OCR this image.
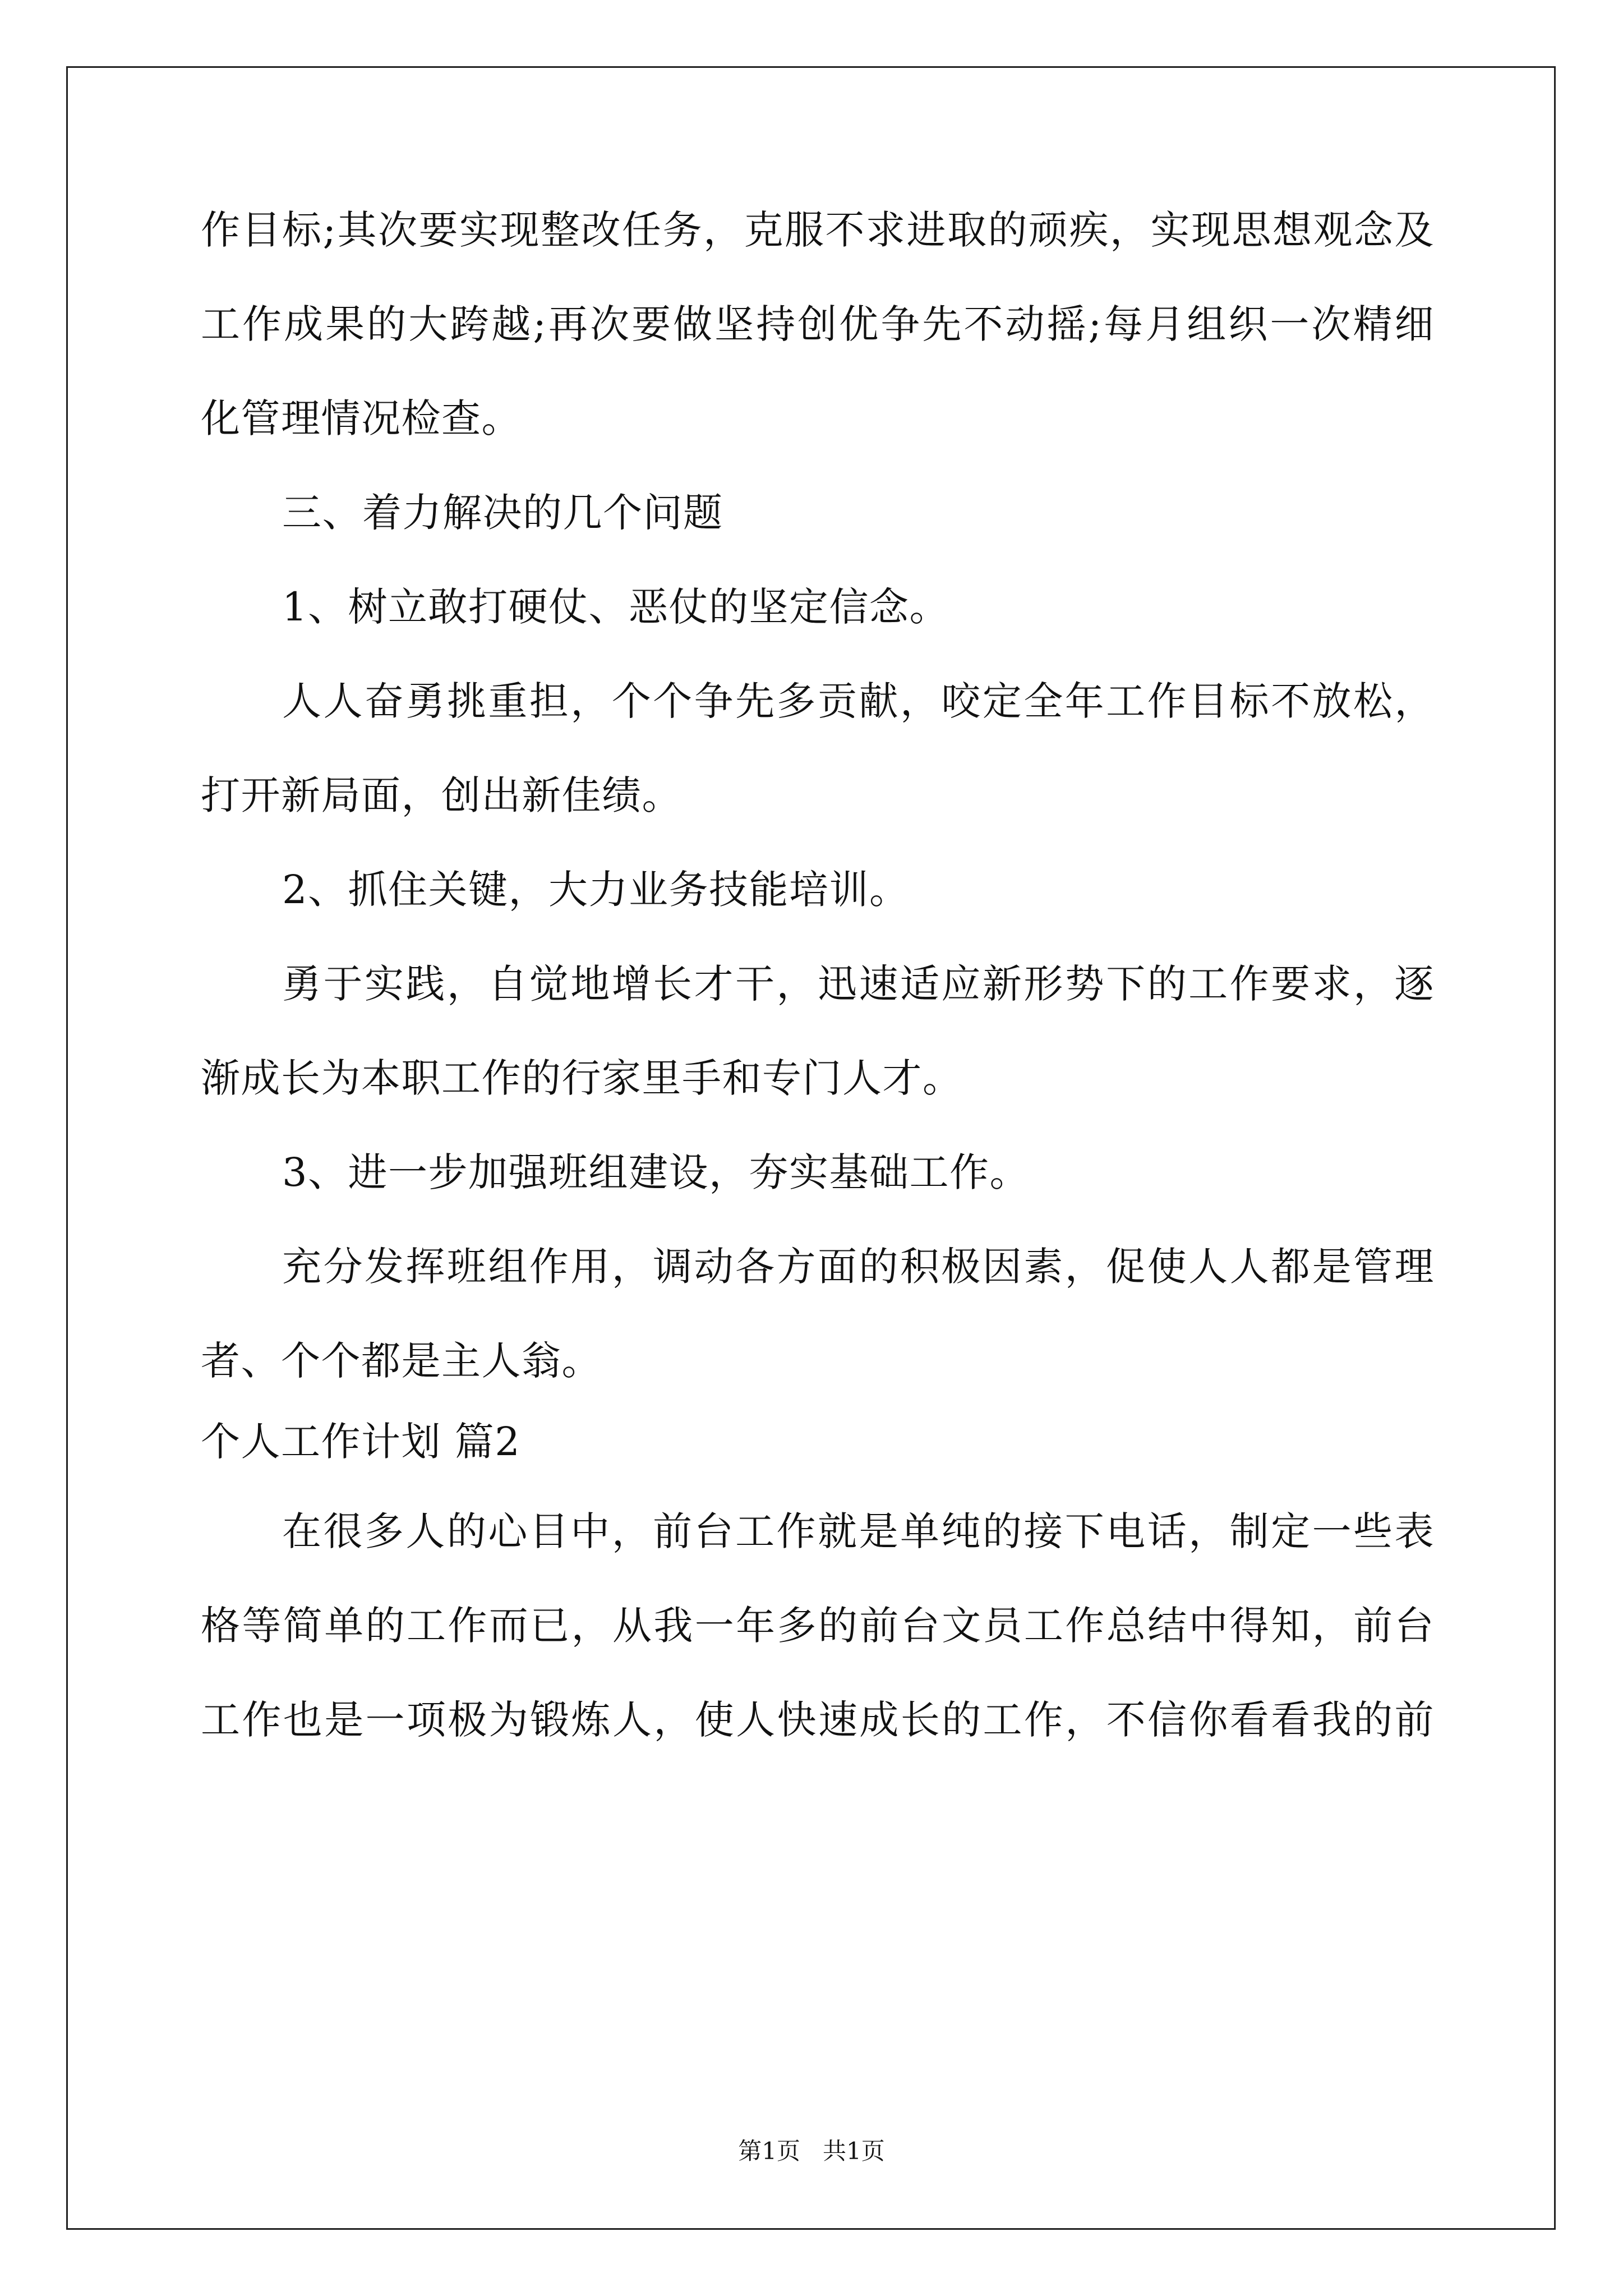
作目标;其次要实现整改任务，克服不求进取的顽疾，实现思想观念及
工作成果的大跨越;再次要做坚持创优争先不动摇;每月组织一次精细
化管理情况检查。
三、着力解决的几个问题
1、树立敢打硬仗、恶仗的坚定信念。
人人奋勇挑重担，个个争先多贡献，咬定全年工作目标不放松，
打开新局面，创出新佳绩。
2、抓住关键，大力业务技能培训。
勇于实践，自觉地增长才干，迅速适应新形势下的工作要求，逐
渐成长为本职工作的行家里手和专门人才。
3、进一步加强班组建设，夯实基础工作。
充分发挥班组作用，调动各方面的积极因素，促使人人都是管理
者、个个都是主人翁。
个人工作计划 篇2
在很多人的心目中，前台工作就是单纯的接下电话，制定一些表
格等简单的工作而已，从我一年多的前台文员工作总结中得知，前台
工作也是一项极为锻炼人，使人快速成长的工作，不信你看看我的前
第1页   共1页
